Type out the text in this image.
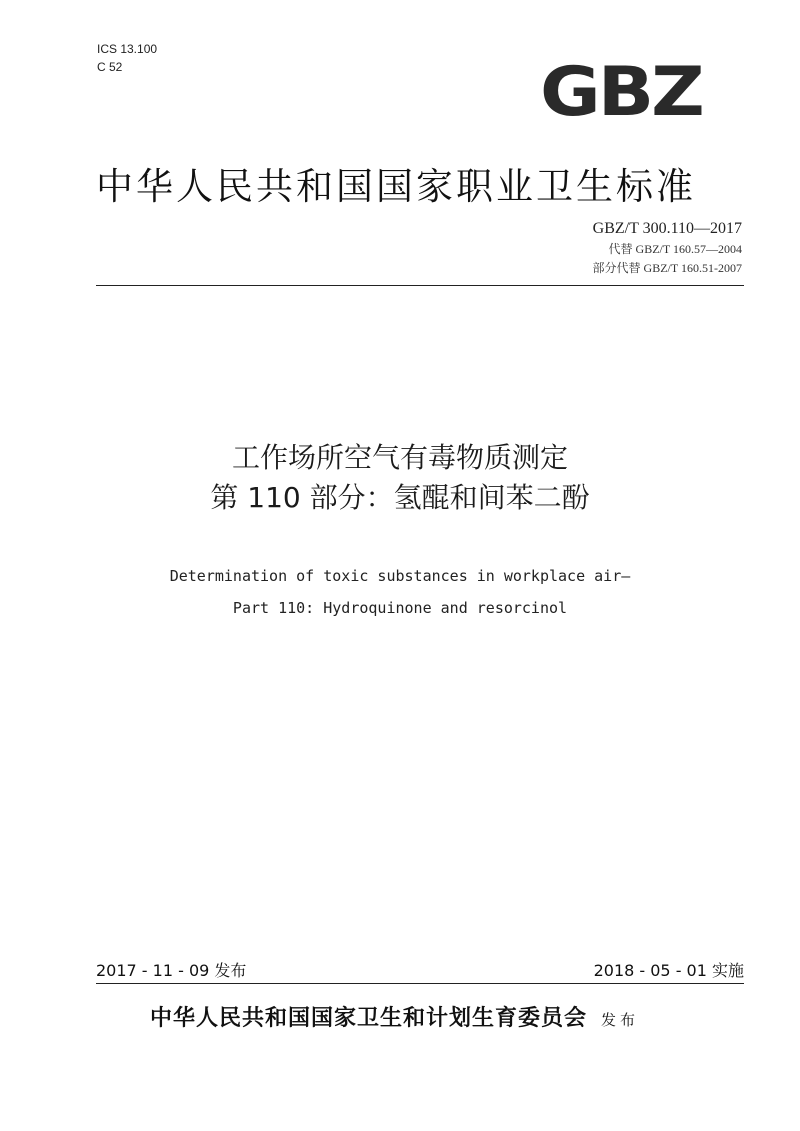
ICS 13.100
C 52	GBZ
中华人民共和国国家职业卫生标准
GBZ/T 300.110—2017
代替 GBZ/T 160.57—2004
部分代替 GBZ/T 160.51-2007
工作场所空气有毒物质测定
第 110 部分：氢醌和间苯二酚
Determination of toxic substances in workplace air—
Part 110: Hydroquinone and resorcinol
2017 - 11 - 09 发布	2018 - 05 - 01 实施
中华人民共和国国家卫生和计划生育委员会 发布
